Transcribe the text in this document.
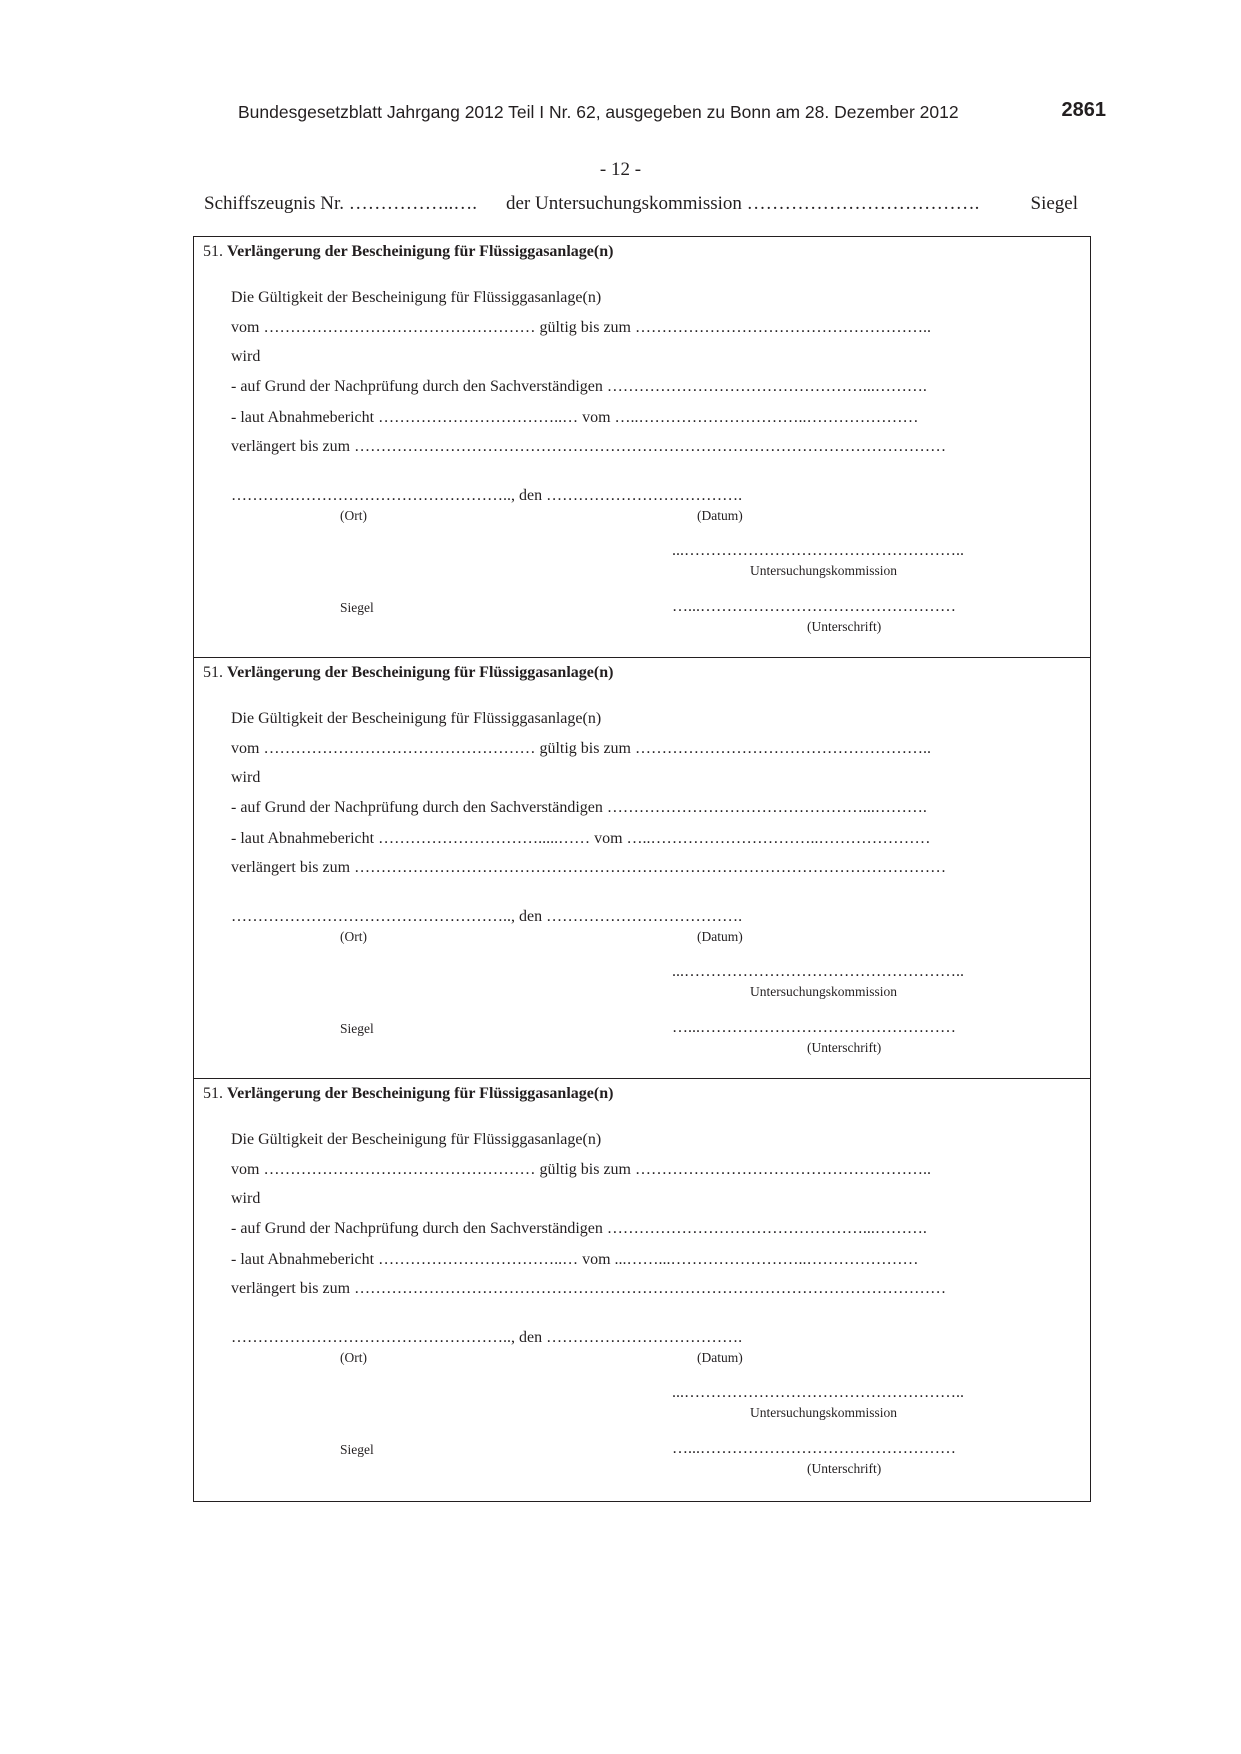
Bundesgesetzblatt Jahrgang 2012 Teil I Nr. 62, ausgegeben zu Bonn am 28. Dezember 2012	2861
- 12 -
Schiffszeugnis Nr. ……………..…. der Untersuchungskommission ……………………………….	Siegel
51. Verlängerung der Bescheinigung für Flüssiggasanlage(n)
Die Gültigkeit der Bescheinigung für Flüssiggasanlage(n)
vom …………………………………………… gültig bis zum ………………………………………………..
wird
- auf Grund der Nachprüfung durch den Sachverständigen …………………………………………...……….
- laut Abnahmebericht ……………………………..… vom …..…………………………..…………………
verlängert bis zum …………………………………………………………………………………………………
…………………………………………….., den ……………………………….
(Ort)	(Datum)
...……………………………………………..
Untersuchungskommission
Siegel	…...…………………………………………
(Unterschrift)
51. Verlängerung der Bescheinigung für Flüssiggasanlage(n)
Die Gültigkeit der Bescheinigung für Flüssiggasanlage(n)
vom …………………………………………… gültig bis zum ………………………………………………..
wird
- auf Grund der Nachprüfung durch den Sachverständigen …………………………………………...……….
- laut Abnahmebericht ………………………….....…… vom …..…………………………..…………………
verlängert bis zum …………………………………………………………………………………………………
…………………………………………….., den ……………………………….
(Ort)	(Datum)
...……………………………………………..
Untersuchungskommission
Siegel	…...…………………………………………
(Unterschrift)
51. Verlängerung der Bescheinigung für Flüssiggasanlage(n)
Die Gültigkeit der Bescheinigung für Flüssiggasanlage(n)
vom …………………………………………… gültig bis zum ………………………………………………..
wird
- auf Grund der Nachprüfung durch den Sachverständigen …………………………………………...……….
- laut Abnahmebericht ……………………………..… vom ...……...……………………..…………………
verlängert bis zum …………………………………………………………………………………………………
…………………………………………….., den ……………………………….
(Ort)	(Datum)
...……………………………………………..
Untersuchungskommission
Siegel	…...…………………………………………
(Unterschrift)
